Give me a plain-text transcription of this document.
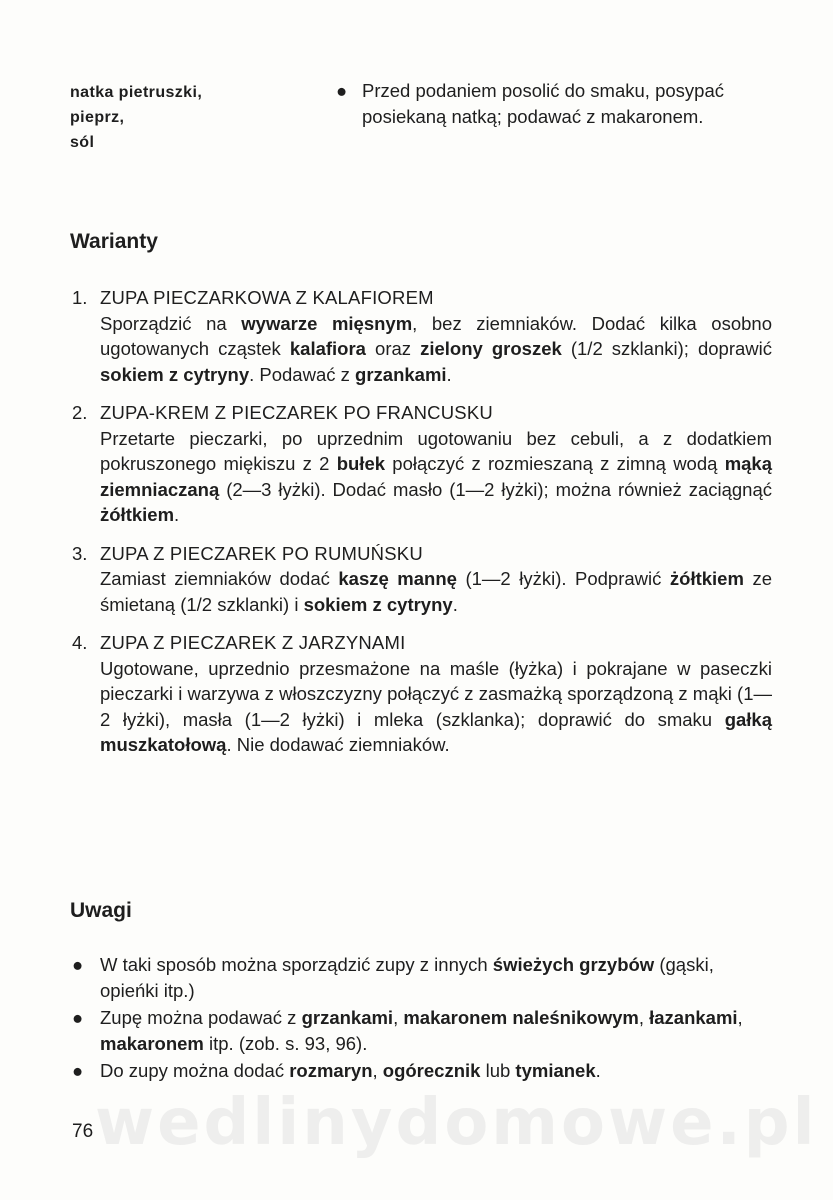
natka pietruszki,
pieprz,
sól
● Przed podaniem posolić do smaku, posypać posiekaną natką; podawać z makaronem.
Warianty
1. ZUPA PIECZARKOWA Z KALAFIOREM
Sporządzić na wywarze mięsnym, bez ziemniaków. Dodać kilka osobno ugotowanych cząstek kalafiora oraz zielony groszek (1/2 szklanki); doprawić sokiem z cytryny. Podawać z grzankami.
2. ZUPA-KREM Z PIECZAREK PO FRANCUSKU
Przetarte pieczarki, po uprzednim ugotowaniu bez cebuli, a z dodatkiem pokruszonego miękiszu z 2 bułek połączyć z rozmieszaną z zimną wodą mąką ziemniaczaną (2—3 łyżki). Dodać masło (1—2 łyżki); można również zaciągnąć żółtkiem.
3. ZUPA Z PIECZAREK PO RUMUŃSKU
Zamiast ziemniaków dodać kaszę mannę (1—2 łyżki). Podprawić żółtkiem ze śmietaną (1/2 szklanki) i sokiem z cytryny.
4. ZUPA Z PIECZAREK Z JARZYNAMI
Ugotowane, uprzednio przesmażone na maśle (łyżka) i pokrajane w paseczki pieczarki i warzywa z włoszczyzny połączyć z zasmażką sporządzoną z mąki (1—2 łyżki), masła (1—2 łyżki) i mleka (szklanka); doprawić do smaku gałką muszkatołową. Nie dodawać ziemniaków.
Uwagi
● W taki sposób można sporządzić zupy z innych świeżych grzybów (gąski, opieńki itp.)
● Zupę można podawać z grzankami, makaronem naleśnikowym, łazankami, makaronem itp. (zob. s. 93, 96).
● Do zupy można dodać rozmaryn, ogórecznik lub tymianek.
wedlinydomowe.pl
76
